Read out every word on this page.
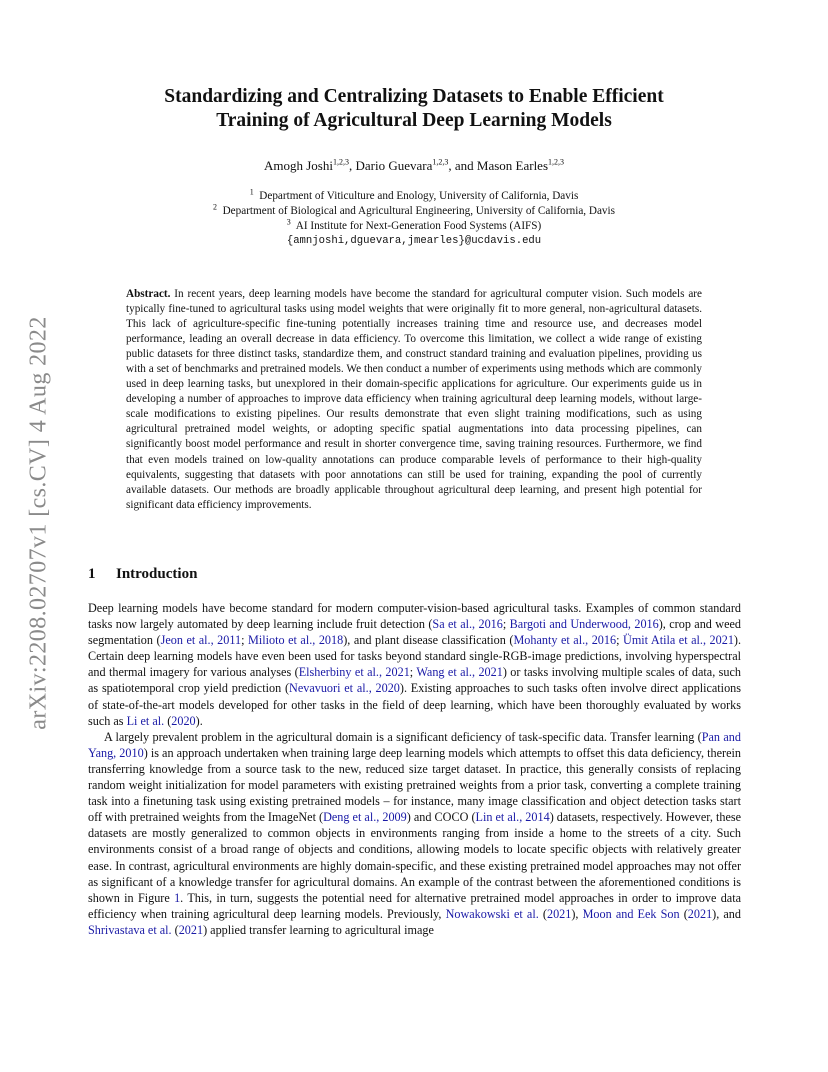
arXiv:2208.02707v1 [cs.CV] 4 Aug 2022
Standardizing and Centralizing Datasets to Enable Efficient
Training of Agricultural Deep Learning Models
Amogh Joshi$^{1,2,3}$, Dario Guevara$^{1,2,3}$, and Mason Earles$^{1,2,3}$
$^1$ Department of Viticulture and Enology, University of California, Davis
$^2$ Department of Biological and Agricultural Engineering, University of California, Davis
$^3$ AI Institute for Next-Generation Food Systems (AIFS)
{amnjoshi,dguevara,jmearles}@ucdavis.edu
Abstract. In recent years, deep learning models have become the standard for agricultural computer vision. Such models are typically fine-tuned to agricultural tasks using model weights that were originally fit to more general, non-agricultural datasets. This lack of agriculture-specific fine-tuning potentially increases training time and resource use, and decreases model performance, leading an overall decrease in data efficiency. To overcome this limitation, we collect a wide range of existing public datasets for three distinct tasks, standardize them, and construct standard training and evaluation pipelines, providing us with a set of benchmarks and pretrained models. We then conduct a number of experiments using methods which are commonly used in deep learning tasks, but unexplored in their domain-specific applications for agriculture. Our experiments guide us in developing a number of approaches to improve data efficiency when training agricultural deep learning models, without large-scale modifications to existing pipelines. Our results demonstrate that even slight training modifications, such as using agricultural pretrained model weights, or adopting specific spatial augmentations into data processing pipelines, can significantly boost model performance and result in shorter convergence time, saving training resources. Furthermore, we find that even models trained on low-quality annotations can produce comparable levels of performance to their high-quality equivalents, suggesting that datasets with poor annotations can still be used for training, expanding the pool of currently available datasets. Our methods are broadly applicable throughout agricultural deep learning, and present high potential for significant data efficiency improvements.
1 Introduction

Deep learning models have become standard for modern computer-vision-based agricultural tasks. Examples of common standard tasks now largely automated by deep learning include fruit detection (Sa et al., 2016; Bargoti and Underwood, 2016), crop and weed segmentation (Jeon et al., 2011; Milioto et al., 2018), and plant disease classification (Mohanty et al., 2016; Ümit Atila et al., 2021). Certain deep learning models have even been used for tasks beyond standard single-RGB-image predictions, involving hyperspectral and thermal imagery for various analyses (Elsherbiny et al., 2021; Wang et al., 2021) or tasks involving multiple scales of data, such as spatiotemporal crop yield prediction (Nevavuori et al., 2020). Existing approaches to such tasks often involve direct applications of state-of-the-art models developed for other tasks in the field of deep learning, which have been thoroughly evaluated by works such as Li et al. (2020).

A largely prevalent problem in the agricultural domain is a significant deficiency of task-specific data. Transfer learning (Pan and Yang, 2010) is an approach undertaken when training large deep learning models which attempts to offset this data deficiency, therein transferring knowledge from a source task to the new, reduced size target dataset. In practice, this generally consists of replacing random weight initialization for model parameters with existing pretrained weights from a prior task, converting a complete training task into a finetuning task using existing pretrained models – for instance, many image classification and object detection tasks start off with pretrained weights from the ImageNet (Deng et al., 2009) and COCO (Lin et al., 2014) datasets, respectively. However, these datasets are mostly generalized to common objects in environments ranging from inside a home to the streets of a city. Such environments consist of a broad range of objects and conditions, allowing models to locate specific objects with relatively greater ease. In contrast, agricultural environments are highly domain-specific, and these existing pretrained model approaches may not offer as significant of a knowledge transfer for agricultural domains. An example of the contrast between the aforementioned conditions is shown in Figure 1. This, in turn, suggests the potential need for alternative pretrained model approaches in order to improve data efficiency when training agricultural deep learning models. Previously, Nowakowski et al. (2021), Moon and Eek Son (2021), and Shrivastava et al. (2021) applied transfer learning to agricultural image
